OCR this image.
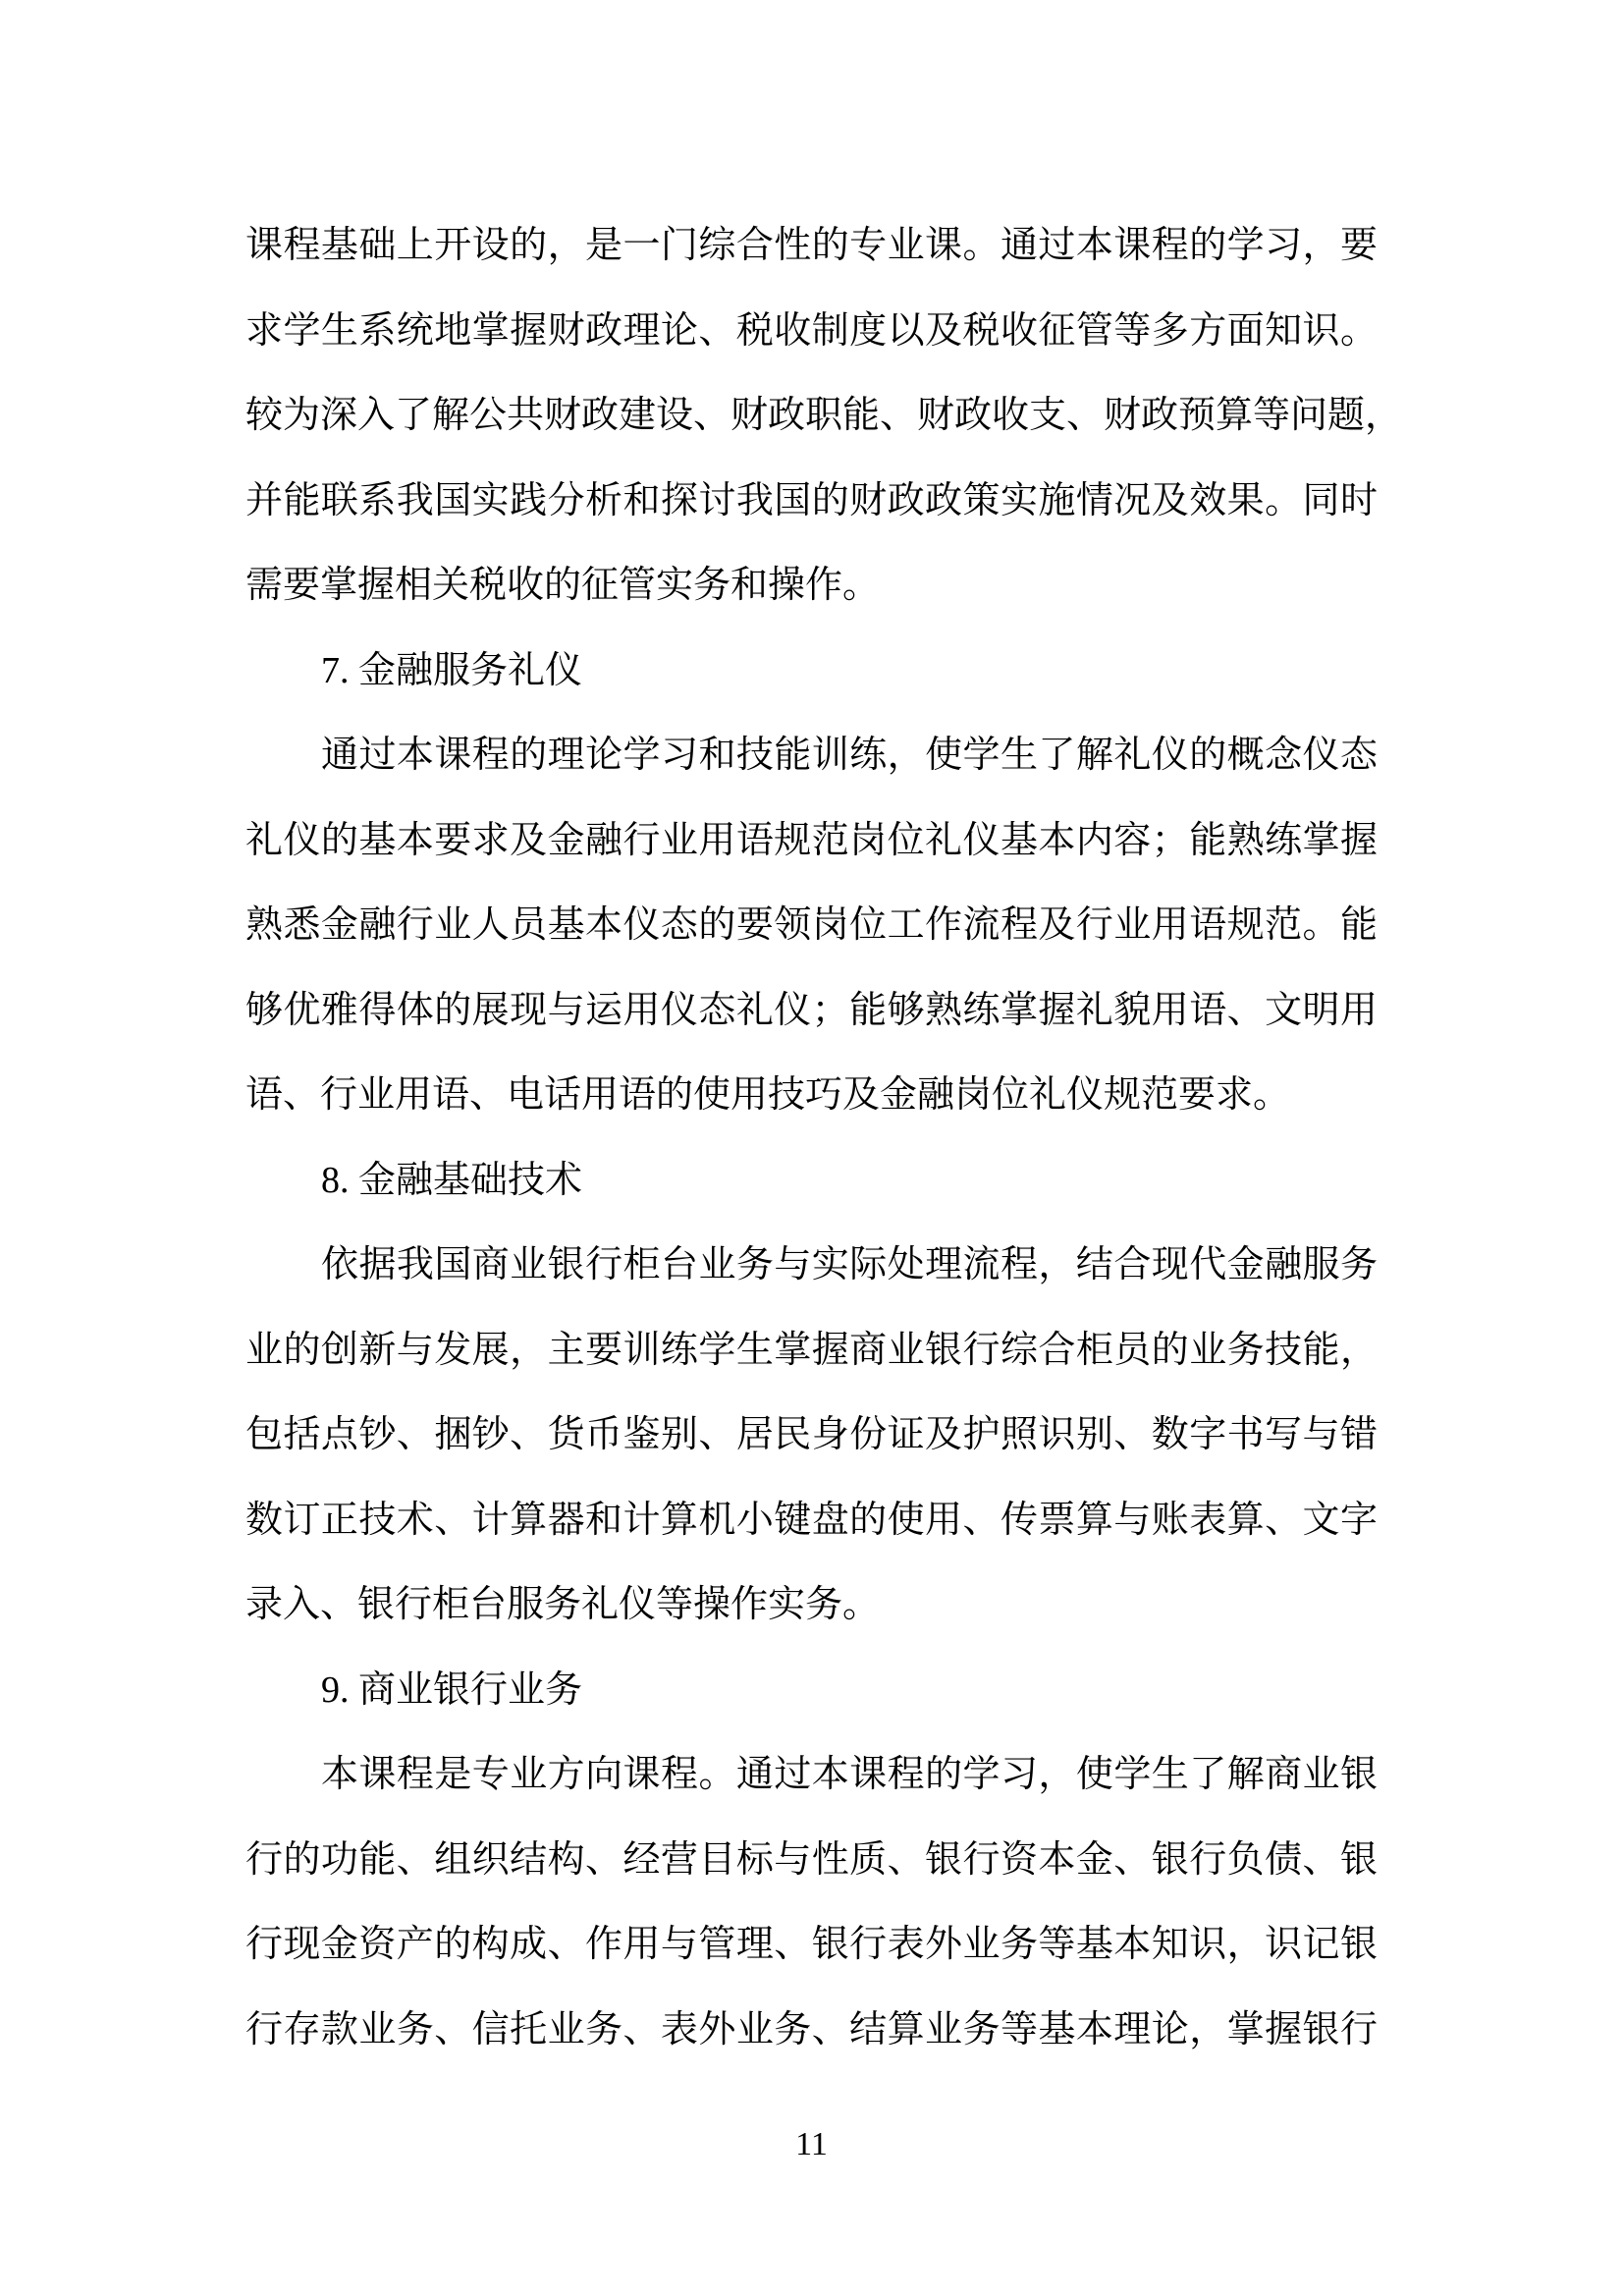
课程基础上开设的，是一门综合性的专业课。通过本课程的学习，要
求学生系统地掌握财政理论、税收制度以及税收征管等多方面知识。
较为深入了解公共财政建设、财政职能、财政收支、财政预算等问题，
并能联系我国实践分析和探讨我国的财政政策实施情况及效果。同时
需要掌握相关税收的征管实务和操作。
7. 金融服务礼仪
通过本课程的理论学习和技能训练，使学生了解礼仪的概念仪态
礼仪的基本要求及金融行业用语规范岗位礼仪基本内容；能熟练掌握
熟悉金融行业人员基本仪态的要领岗位工作流程及行业用语规范。能
够优雅得体的展现与运用仪态礼仪；能够熟练掌握礼貌用语、文明用
语、行业用语、电话用语的使用技巧及金融岗位礼仪规范要求。
8. 金融基础技术
依据我国商业银行柜台业务与实际处理流程，结合现代金融服务
业的创新与发展，主要训练学生掌握商业银行综合柜员的业务技能，
包括点钞、捆钞、货币鉴别、居民身份证及护照识别、数字书写与错
数订正技术、计算器和计算机小键盘的使用、传票算与账表算、文字
录入、银行柜台服务礼仪等操作实务。
9. 商业银行业务
本课程是专业方向课程。通过本课程的学习，使学生了解商业银
行的功能、组织结构、经营目标与性质、银行资本金、银行负债、银
行现金资产的构成、作用与管理、银行表外业务等基本知识，识记银
行存款业务、信托业务、表外业务、结算业务等基本理论，掌握银行
11
